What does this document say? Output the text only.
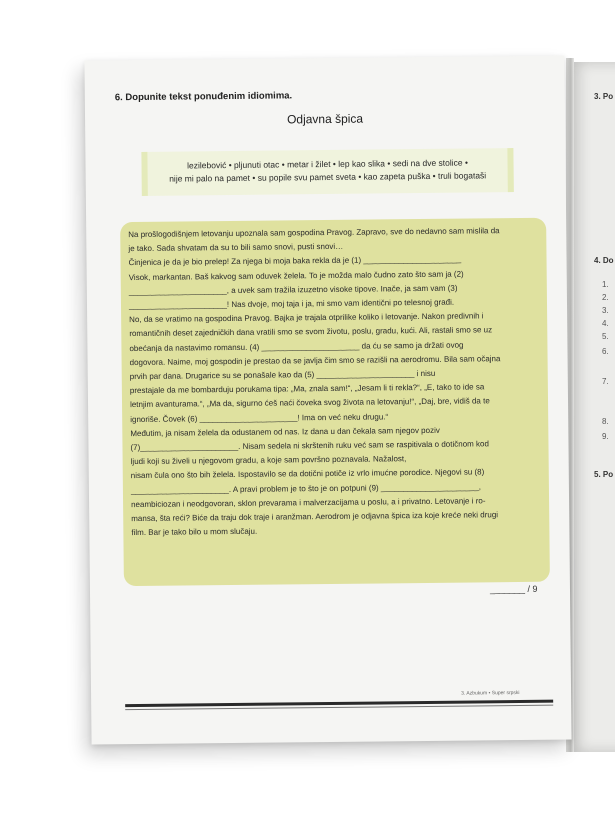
3. Po
4. Do
1.
2.
3.
4.
5.
6.
7.
8.
9.
5. Po
6. Dopunite tekst ponuđenim idiomima.
Odjavna špica

lezilebović • pljunuti otac • metar i žilet • lep kao slika • sedi na dve stolice •

nije mi palo na pamet • su popile svu pamet sveta • kao zapeta puška • truli bogataši

Na prošlogodišnjem letovanju upoznala sam gospodina Pravog. Zapravo, sve do nedavno sam mislila da
je tako. Sada shvatam da su to bili samo snovi, pusti snovi…
Činjenica je da je bio prelep! Za njega bi moja baka rekla da je (1) ______________________
Visok, markantan. Baš kakvog sam oduvek želela. To je možda malo čudno zato što sam ja (2)
______________________, a uvek sam tražila izuzetno visoke tipove. Inače, ja sam vam (3)
______________________! Nas dvoje, moj taja i ja, mi smo vam identični po telesnoj građi.
No, da se vratimo na gospodina Pravog. Bajka je trajala otprilike koliko i letovanje. Nakon predivnih i
romantičnih deset zajedničkih dana vratili smo se svom životu, poslu, gradu, kući. Ali, rastali smo se uz
obećanja da nastavimo romansu. (4) ______________________ da ću se samo ja držati ovog
dogovora. Naime, moj gospodin je prestao da se javlja čim smo se razišli na aerodromu. Bila sam očajna
prvih par dana. Drugarice su se ponašale kao da (5) ______________________ i nisu
prestajale da me bombarduju porukama tipa: „Ma, znala sam!“, „Jesam li ti rekla?“, „E, tako to ide sa
letnjim avanturama.“, „Ma da, sigurno ćeš naći čoveka svog života na letovanju!“, „Daj, bre, vidiš da te
ignoriše. Čovek (6) ______________________! Ima on već neku drugu.“
Međutim, ja nisam želela da odustanem od nas. Iz dana u dan čekala sam njegov poziv
(7)______________________. Nisam sedela ni skrštenih ruku već sam se raspitivala o dotičnom kod
ljudi koji su živeli u njegovom gradu, a koje sam površno poznavala. Nažalost,
nisam čula ono što bih želela. Ispostavilo se da dotični potiče iz vrlo imućne porodice. Njegovi su (8)
______________________. A pravi problem je to što je on potpuni (9) ______________________,
neambiciozan i neodgovoran, sklon prevarama i malverzacijama u poslu, a i privatno. Letovanje i ro-
mansa, šta reći? Biće da traju dok traje i aranžman. Aerodrom je odjavna špica iza koje kreće neki drugi
film. Bar je tako bilo u mom slučaju.
_______ / 9
3. Azbukum • Super srpski
